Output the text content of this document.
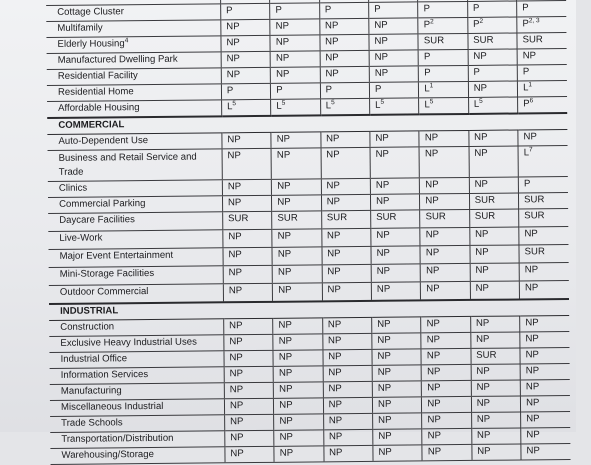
Cottage Cluster	P	P	P	P	P	P	P
Multifamily	NP	NP	NP	NP	$P^2$	$P^2$	P$^{2, 3}$
Elderly Housing$^4$	NP	NP	NP	NP	SUR	SUR	SUR
Manufactured Dwelling Park	NP	NP	NP	NP	P	NP	NP
Residential Facility	NP	NP	NP	NP	P	P	P
Residential Home	P	P	P	P	$L^1$	NP	$L^1$
Affordable Housing	$L^5$	$L^5$	$L^5$	$L^5$	$L^5$	$L^5$	$P^6$
COMMERCIAL							
Auto-Dependent Use	NP	NP	NP	NP	NP	NP	NP
Business and Retail Service and Trade	NP	NP	NP	NP	NP	NP	$L^7$
Clinics	NP	NP	NP	NP	NP	NP	P
Commercial Parking	NP	NP	NP	NP	NP	SUR	SUR
Daycare Facilities	SUR	SUR	SUR	SUR	SUR	SUR	SUR
Live-Work	NP	NP	NP	NP	NP	NP	NP
Major Event Entertainment	NP	NP	NP	NP	NP	NP	SUR
Mini-Storage Facilities	NP	NP	NP	NP	NP	NP	NP
Outdoor Commercial	NP	NP	NP	NP	NP	NP	NP
INDUSTRIAL							
Construction	NP	NP	NP	NP	NP	NP	NP
Exclusive Heavy Industrial Uses	NP	NP	NP	NP	NP	NP	NP
Industrial Office	NP	NP	NP	NP	NP	SUR	NP
Information Services	NP	NP	NP	NP	NP	NP	NP
Manufacturing	NP	NP	NP	NP	NP	NP	NP
Miscellaneous Industrial	NP	NP	NP	NP	NP	NP	NP
Trade Schools	NP	NP	NP	NP	NP	NP	NP
Transportation/Distribution	NP	NP	NP	NP	NP	NP	NP
Warehousing/Storage	NP	NP	NP	NP	NP	NP	NP
